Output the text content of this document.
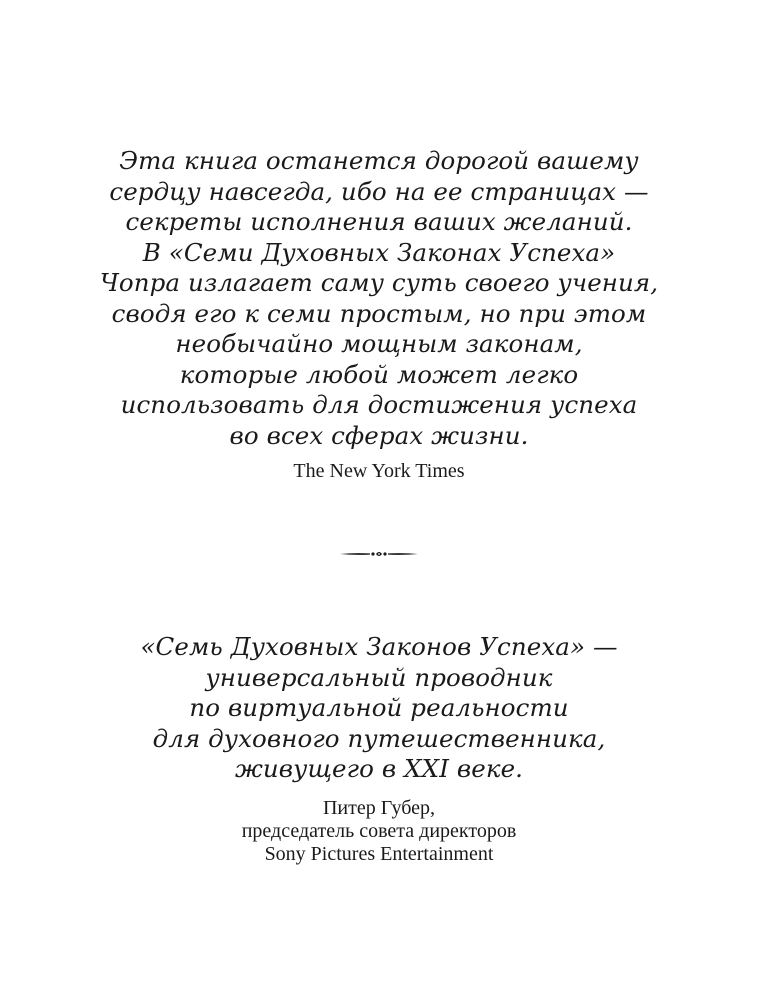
Эта книга останется дорогой вашему
сердцу навсегда, ибо на ее страницах —
секреты исполнения ваших желаний.
В «Семи Духовных Законах Успеха»
Чопра излагает саму суть своего учения,
сводя его к семи простым, но при этом
необычайно мощным законам,
которые любой может легко
использовать для достижения успеха
во всех сферах жизни.

The New York Times

«Семь Духовных Законов Успеха» —
универсальный проводник
по виртуальной реальности
для духовного путешественника,
живущего в XXI веке.

Питер Губер,
председатель совета директоров
Sony Pictures Entertainment
